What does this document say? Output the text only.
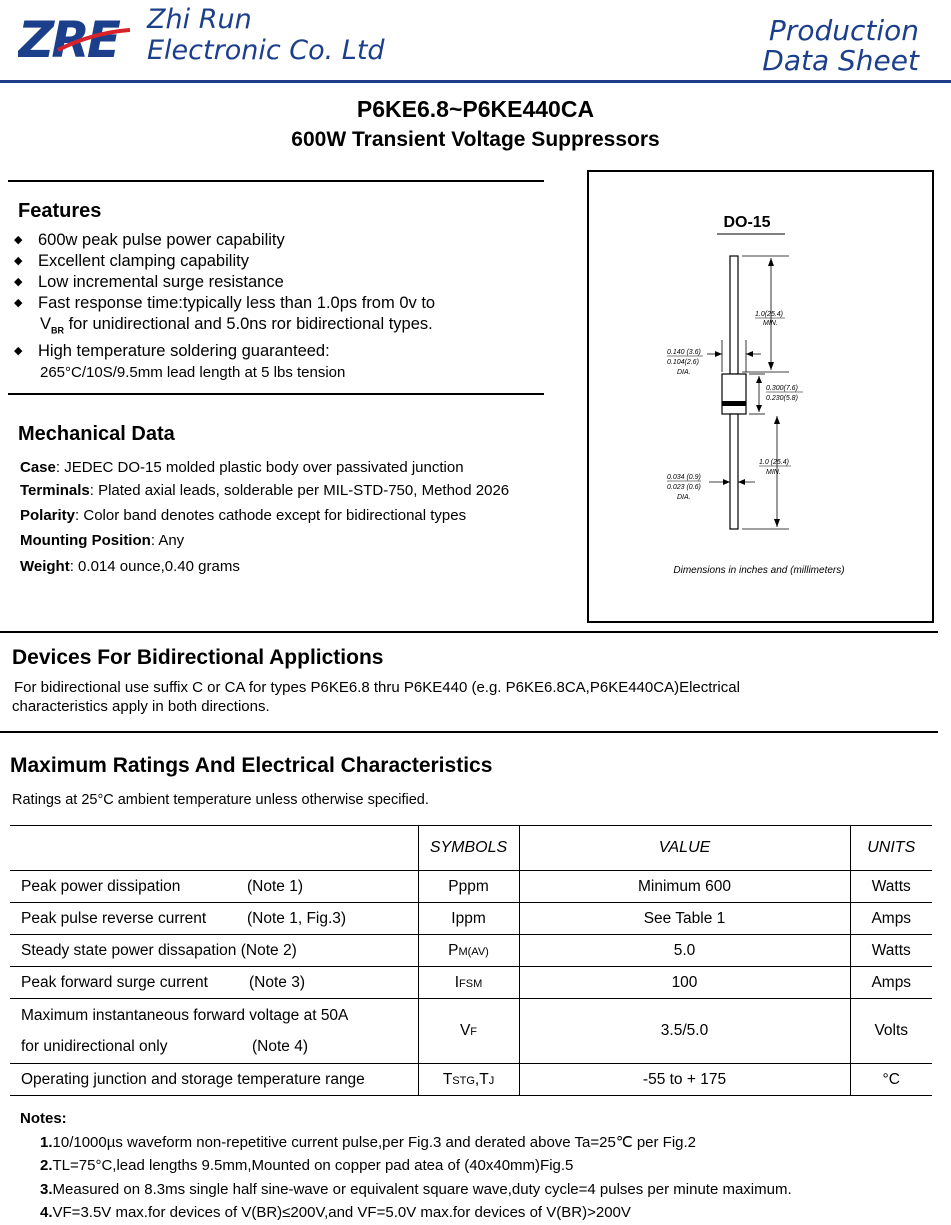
ZRE Zhi Run
Electronic Co. Ltd
Production
Data Sheet
P6KE6.8~P6KE440CA
600W Transient Voltage Suppressors
Features
◆ 600w peak pulse power capability
◆ Excellent clamping capability
◆ Low incremental surge resistance
◆ Fast response time:typically less than 1.0ps from 0v to
$V_{BR}$ for unidirectional and 5.0ns ror bidirectional types.
◆ High temperature soldering guaranteed:
265°C/10S/9.5mm lead length at 5 lbs tension
Mechanical Data
Case: JEDEC DO-15 molded plastic body over passivated junction
Terminals: Plated axial leads, solderable per MIL-STD-750, Method 2026
Polarity: Color band denotes cathode except for bidirectional types
Mounting Position: Any
Weight: 0.014 ounce,0.40 grams
DO-15
1.0(25.4)
MIN.
0.140 (3.6)
0.104(2.6)
DIA.
0.300(7.6)
0.230(5.8)
1.0 (25.4)
MIN.
0.034 (0.9)
0.023 (0.6)
DIA.
Dimensions in inches and (millimeters)
Devices For Bidirectional Applictions
For bidirectional use suffix C or CA for types P6KE6.8 thru P6KE440 (e.g. P6KE6.8CA,P6KE440CA)Electrical
characteristics apply in both directions.
Maximum Ratings And Electrical Characteristics
Ratings at 25°C ambient temperature unless otherwise specified.
	SYMBOLS	VALUE	UNITS
Peak power dissipation (Note 1)	Pppm	Minimum 600	Watts
Peak pulse reverse current (Note 1, Fig.3)	Ippm	See Table 1	Amps
Steady state power dissapation (Note 2)	PM(AV)	5.0	Watts
Peak forward surge current (Note 3)	IFSM	100	Amps

Maximum instantaneous forward voltage at 50A
for unidirectional only (Note 4)	VF	3.5/5.0	Volts
Operating junction and storage temperature range	TSTG,TJ	-55 to + 175	°C
Notes:
1.10/1000µs waveform non-repetitive current pulse,per Fig.3 and derated above Ta=25℃ per Fig.2
2.TL=75°C,lead lengths 9.5mm,Mounted on copper pad atea of (40x40mm)Fig.5
3.Measured on 8.3ms single half sine-wave or equivalent square wave,duty cycle=4 pulses per minute maximum.
4.VF=3.5V max.for devices of V(BR)≤200V,and VF=5.0V max.for devices of V(BR)>200V
